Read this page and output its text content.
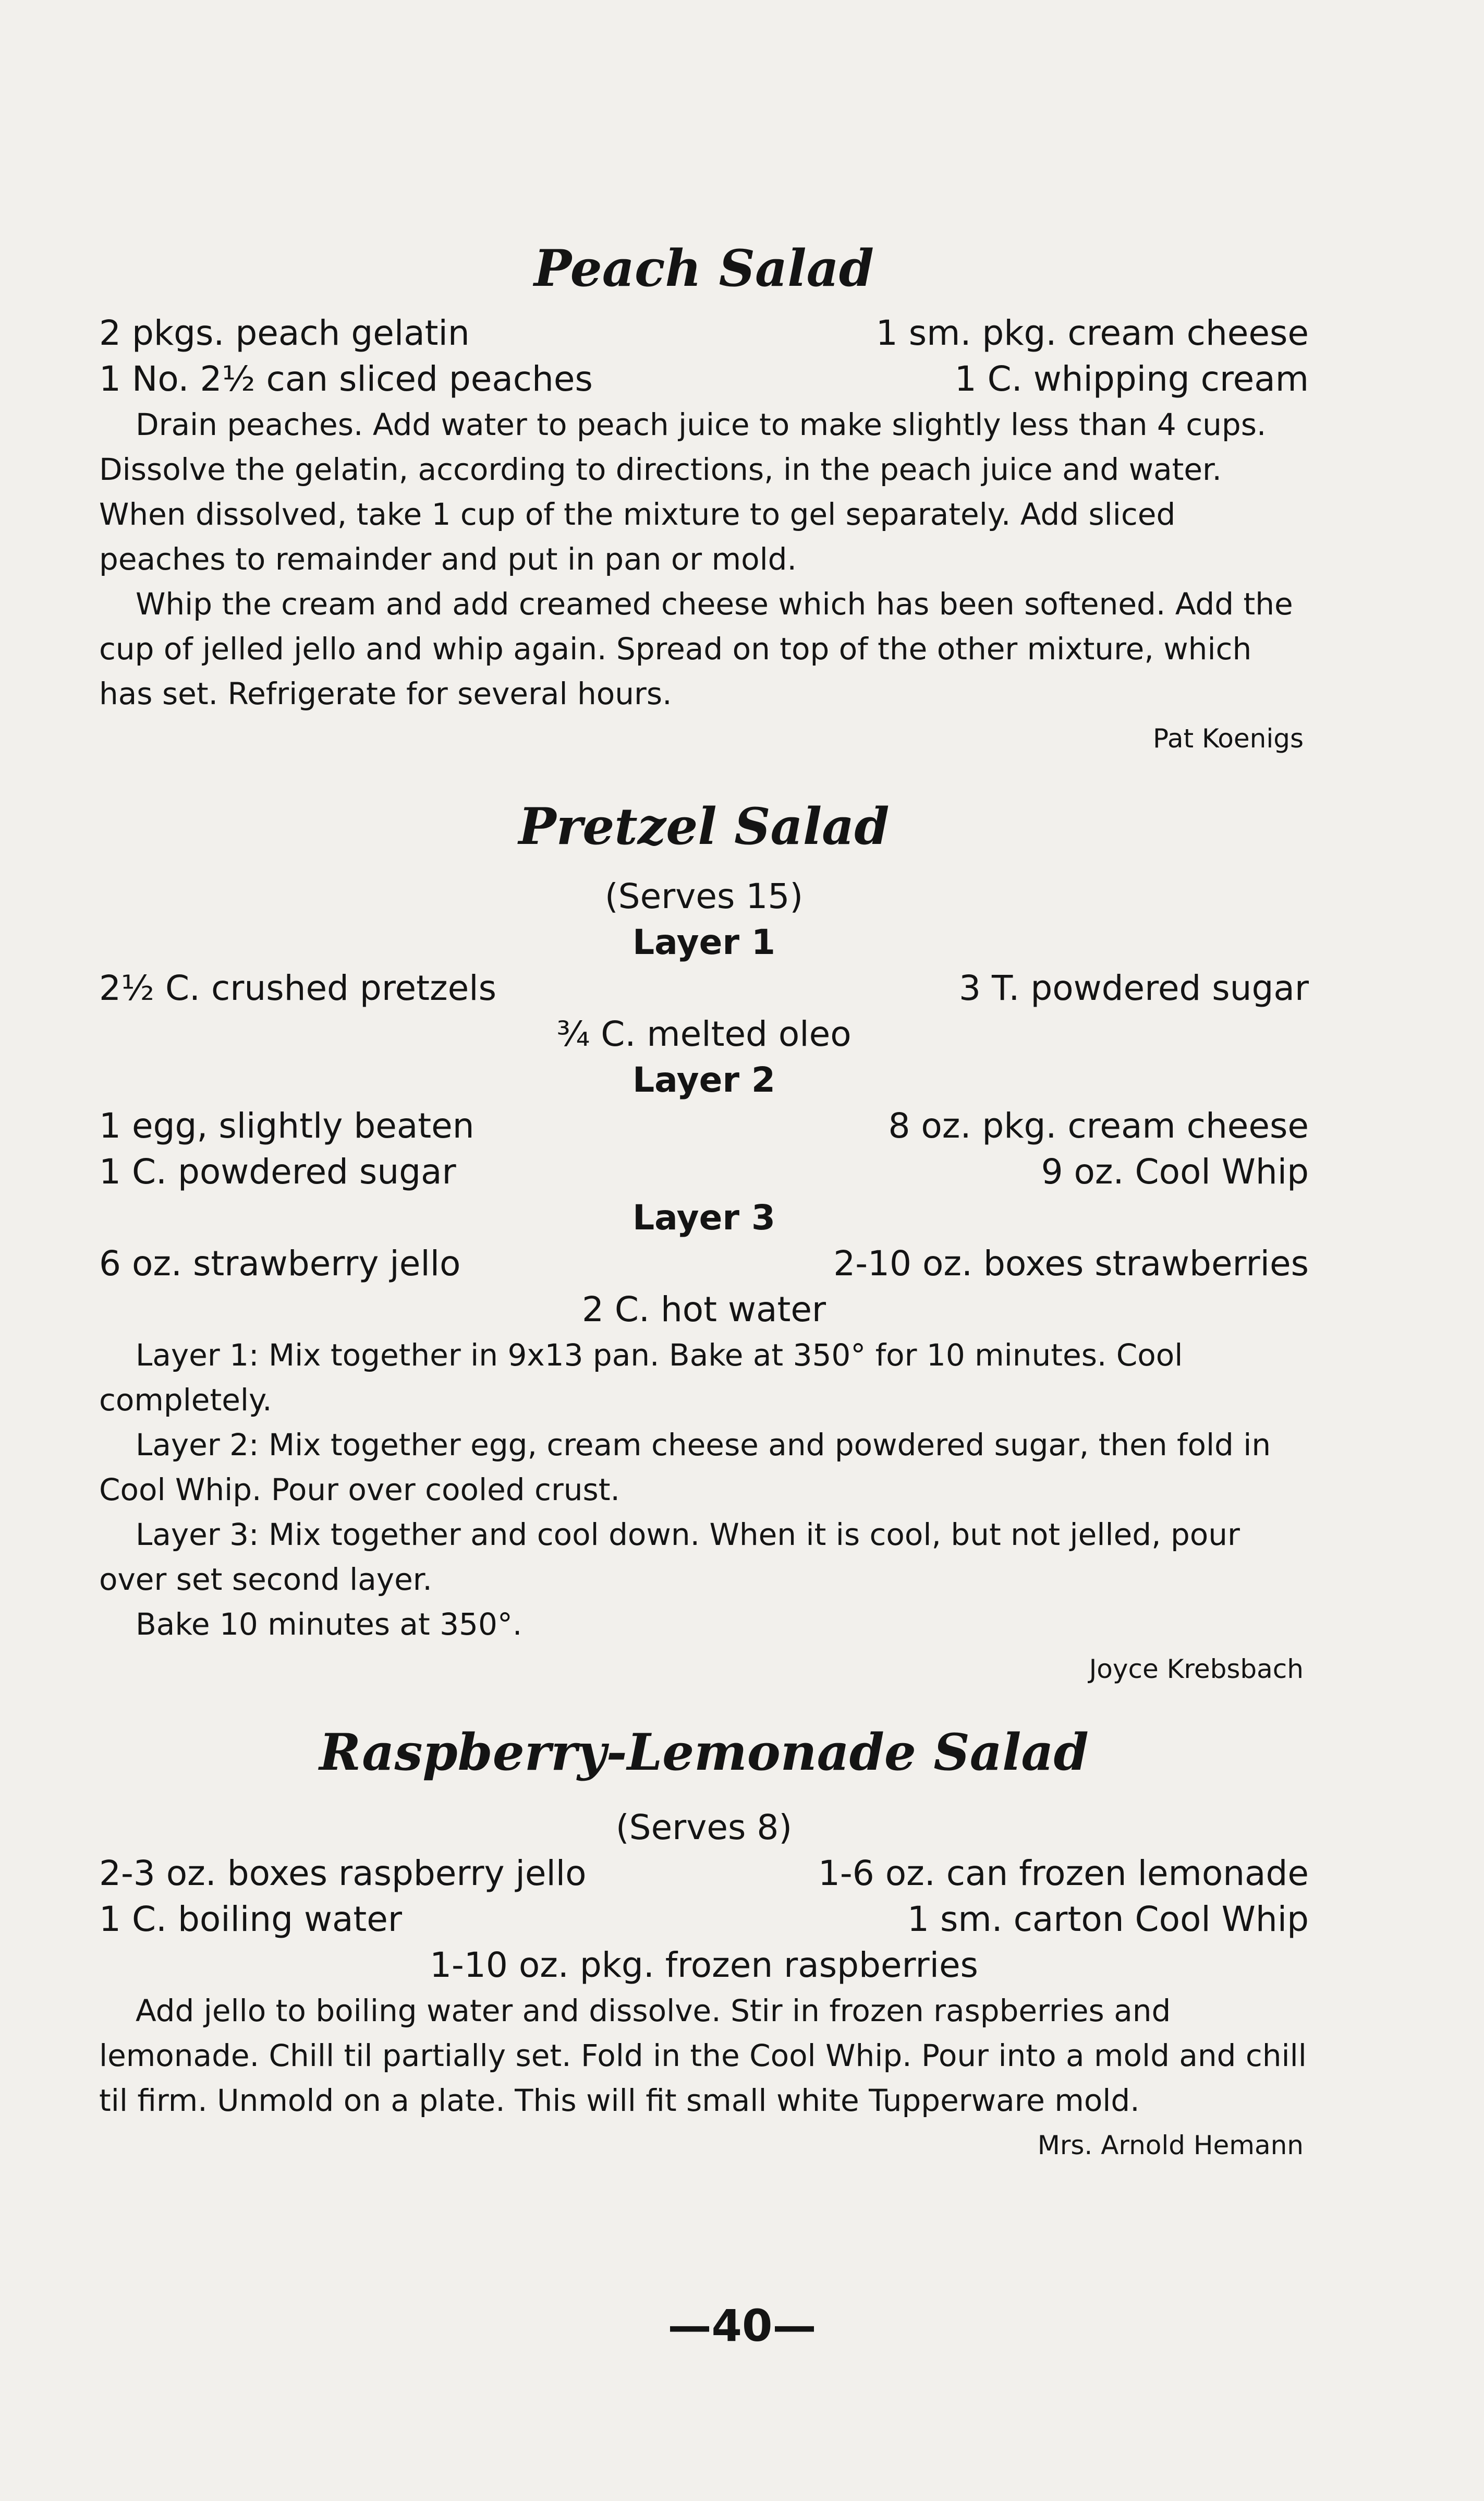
Peach Salad
2 pkgs. peach gelatin	1 sm. pkg. cream cheese
1 No. 2½ can sliced peaches	1 C. whipping cream

Drain peaches. Add water to peach juice to make slightly less than 4 cups. Dissolve the gelatin, according to directions, in the peach juice and water. When dissolved, take 1 cup of the mixture to gel separately. Add sliced peaches to remainder and put in pan or mold.

Whip the cream and add creamed cheese which has been softened. Add the cup of jelled jello and whip again. Spread on top of the other mixture, which has set. Refrigerate for several hours.

Pat Koenigs
Pretzel Salad
(Serves 15)
Layer 1
2½ C. crushed pretzels	3 T. powdered sugar
¾ C. melted oleo
Layer 2
1 egg, slightly beaten	8 oz. pkg. cream cheese
1 C. powdered sugar	9 oz. Cool Whip
Layer 3
6 oz. strawberry jello	2-10 oz. boxes strawberries
2 C. hot water

Layer 1: Mix together in 9x13 pan. Bake at 350° for 10 minutes. Cool completely.

Layer 2: Mix together egg, cream cheese and powdered sugar, then fold in Cool Whip. Pour over cooled crust.

Layer 3: Mix together and cool down. When it is cool, but not jelled, pour over set second layer.

Bake 10 minutes at 350°.

Joyce Krebsbach
Raspberry-Lemonade Salad
(Serves 8)
2-3 oz. boxes raspberry jello	1-6 oz. can frozen lemonade
1 C. boiling water	1 sm. carton Cool Whip
1-10 oz. pkg. frozen raspberries

Add jello to boiling water and dissolve. Stir in frozen raspberries and lemonade. Chill til partially set. Fold in the Cool Whip. Pour into a mold and chill til firm. Unmold on a plate. This will fit small white Tupperware mold.

Mrs. Arnold Hemann
—40—
